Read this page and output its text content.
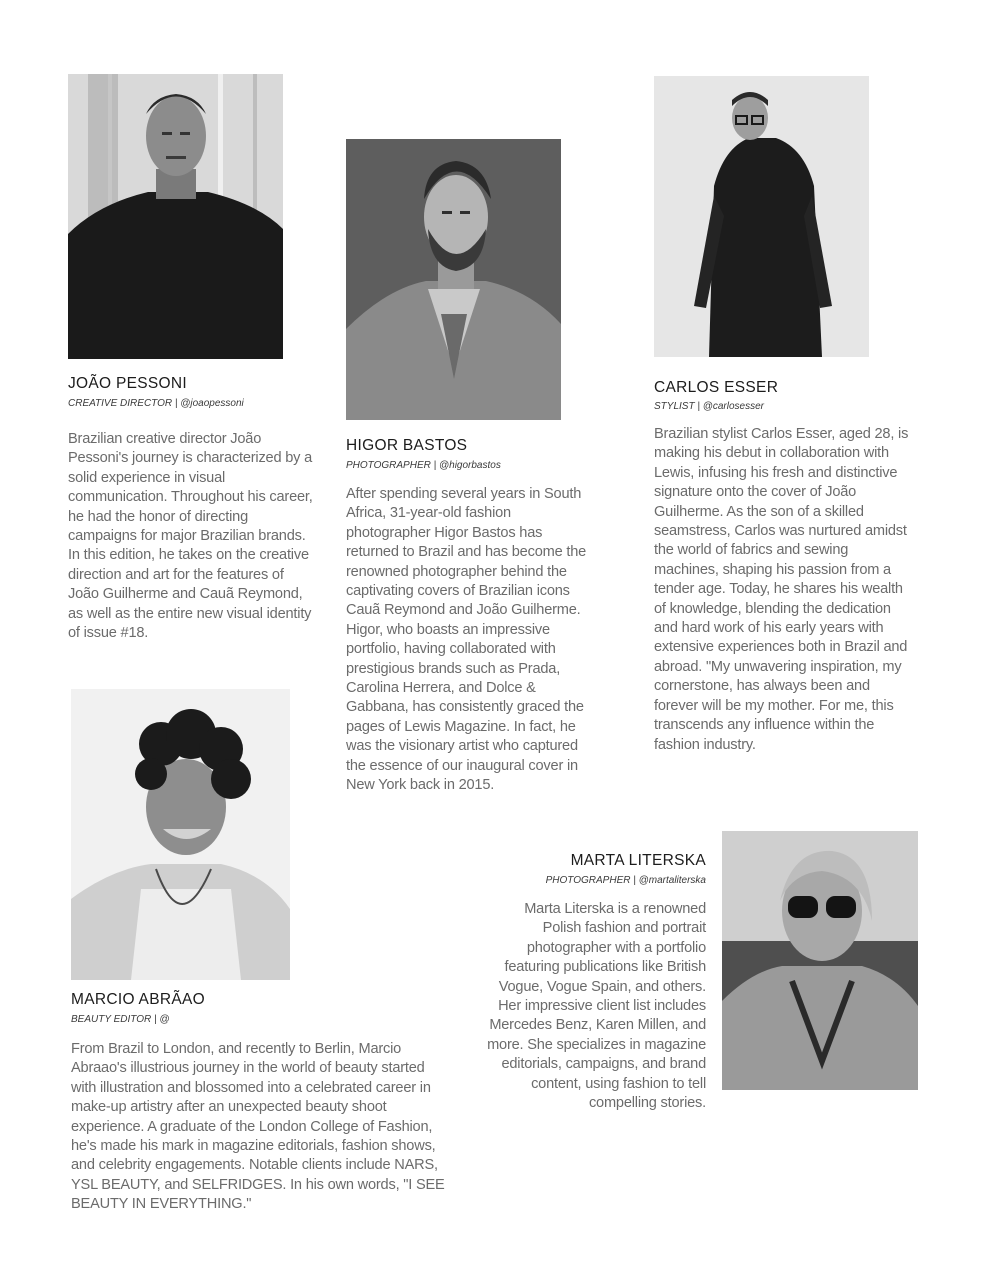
JOÃO PESSONI

CREATIVE DIRECTOR | @joaopessoni

Brazilian creative director João Pessoni's journey is characterized by a solid experience in visual communication. Throughout his career, he had the honor of directing campaigns for major Brazilian brands. In this edition, he takes on the creative direction and art for the features of João Guilherme and Cauã Reymond, as well as the entire new visual identity of issue #18.

HIGOR BASTOS

PHOTOGRAPHER | @higorbastos

After spending several years in South Africa, 31-year-old fashion photographer Higor Bastos has returned to Brazil and has become the renowned photographer behind the captivating covers of Brazilian icons Cauã Reymond and João Guilherme. Higor, who boasts an impressive portfolio, having collaborated with prestigious brands such as Prada, Carolina Herrera, and Dolce & Gabbana, has consistently graced the pages of Lewis Magazine. In fact, he was the visionary artist who captured the essence of our inaugural cover in New York back in 2015.

CARLOS ESSER

STYLIST | @carlosesser

Brazilian stylist Carlos Esser, aged 28, is making his debut in collaboration with Lewis, infusing his fresh and distinctive signature onto the cover of João Guilherme. As the son of a skilled seamstress, Carlos was nurtured amidst the world of fabrics and sewing machines, shaping his passion from a tender age. Today, he shares his wealth of knowledge, blending the dedication and hard work of his early years with extensive experiences both in Brazil and abroad. "My unwavering inspiration, my cornerstone, has always been and forever will be my mother. For me, this transcends any influence within the fashion industry.

MARCIO ABRÃAO

BEAUTY EDITOR | @

From Brazil to London, and recently to Berlin, Marcio Abraao's illustrious journey in the world of beauty started with illustration and blossomed into a celebrated career in make-up artistry after an unexpected beauty shoot experience. A graduate of the London College of Fashion, he's made his mark in magazine editorials, fashion shows, and celebrity engagements. Notable clients include NARS, YSL BEAUTY, and SELFRIDGES. In his own words, "I SEE BEAUTY IN EVERYTHING."

MARTA LITERSKA

PHOTOGRAPHER | @martaliterska

Marta Literska is a renowned Polish fashion and portrait photographer with a portfolio featuring publications like British Vogue, Vogue Spain, and others. Her impressive client list includes Mercedes Benz, Karen Millen, and more. She specializes in magazine editorials, campaigns, and brand content, using fashion to tell compelling stories.
